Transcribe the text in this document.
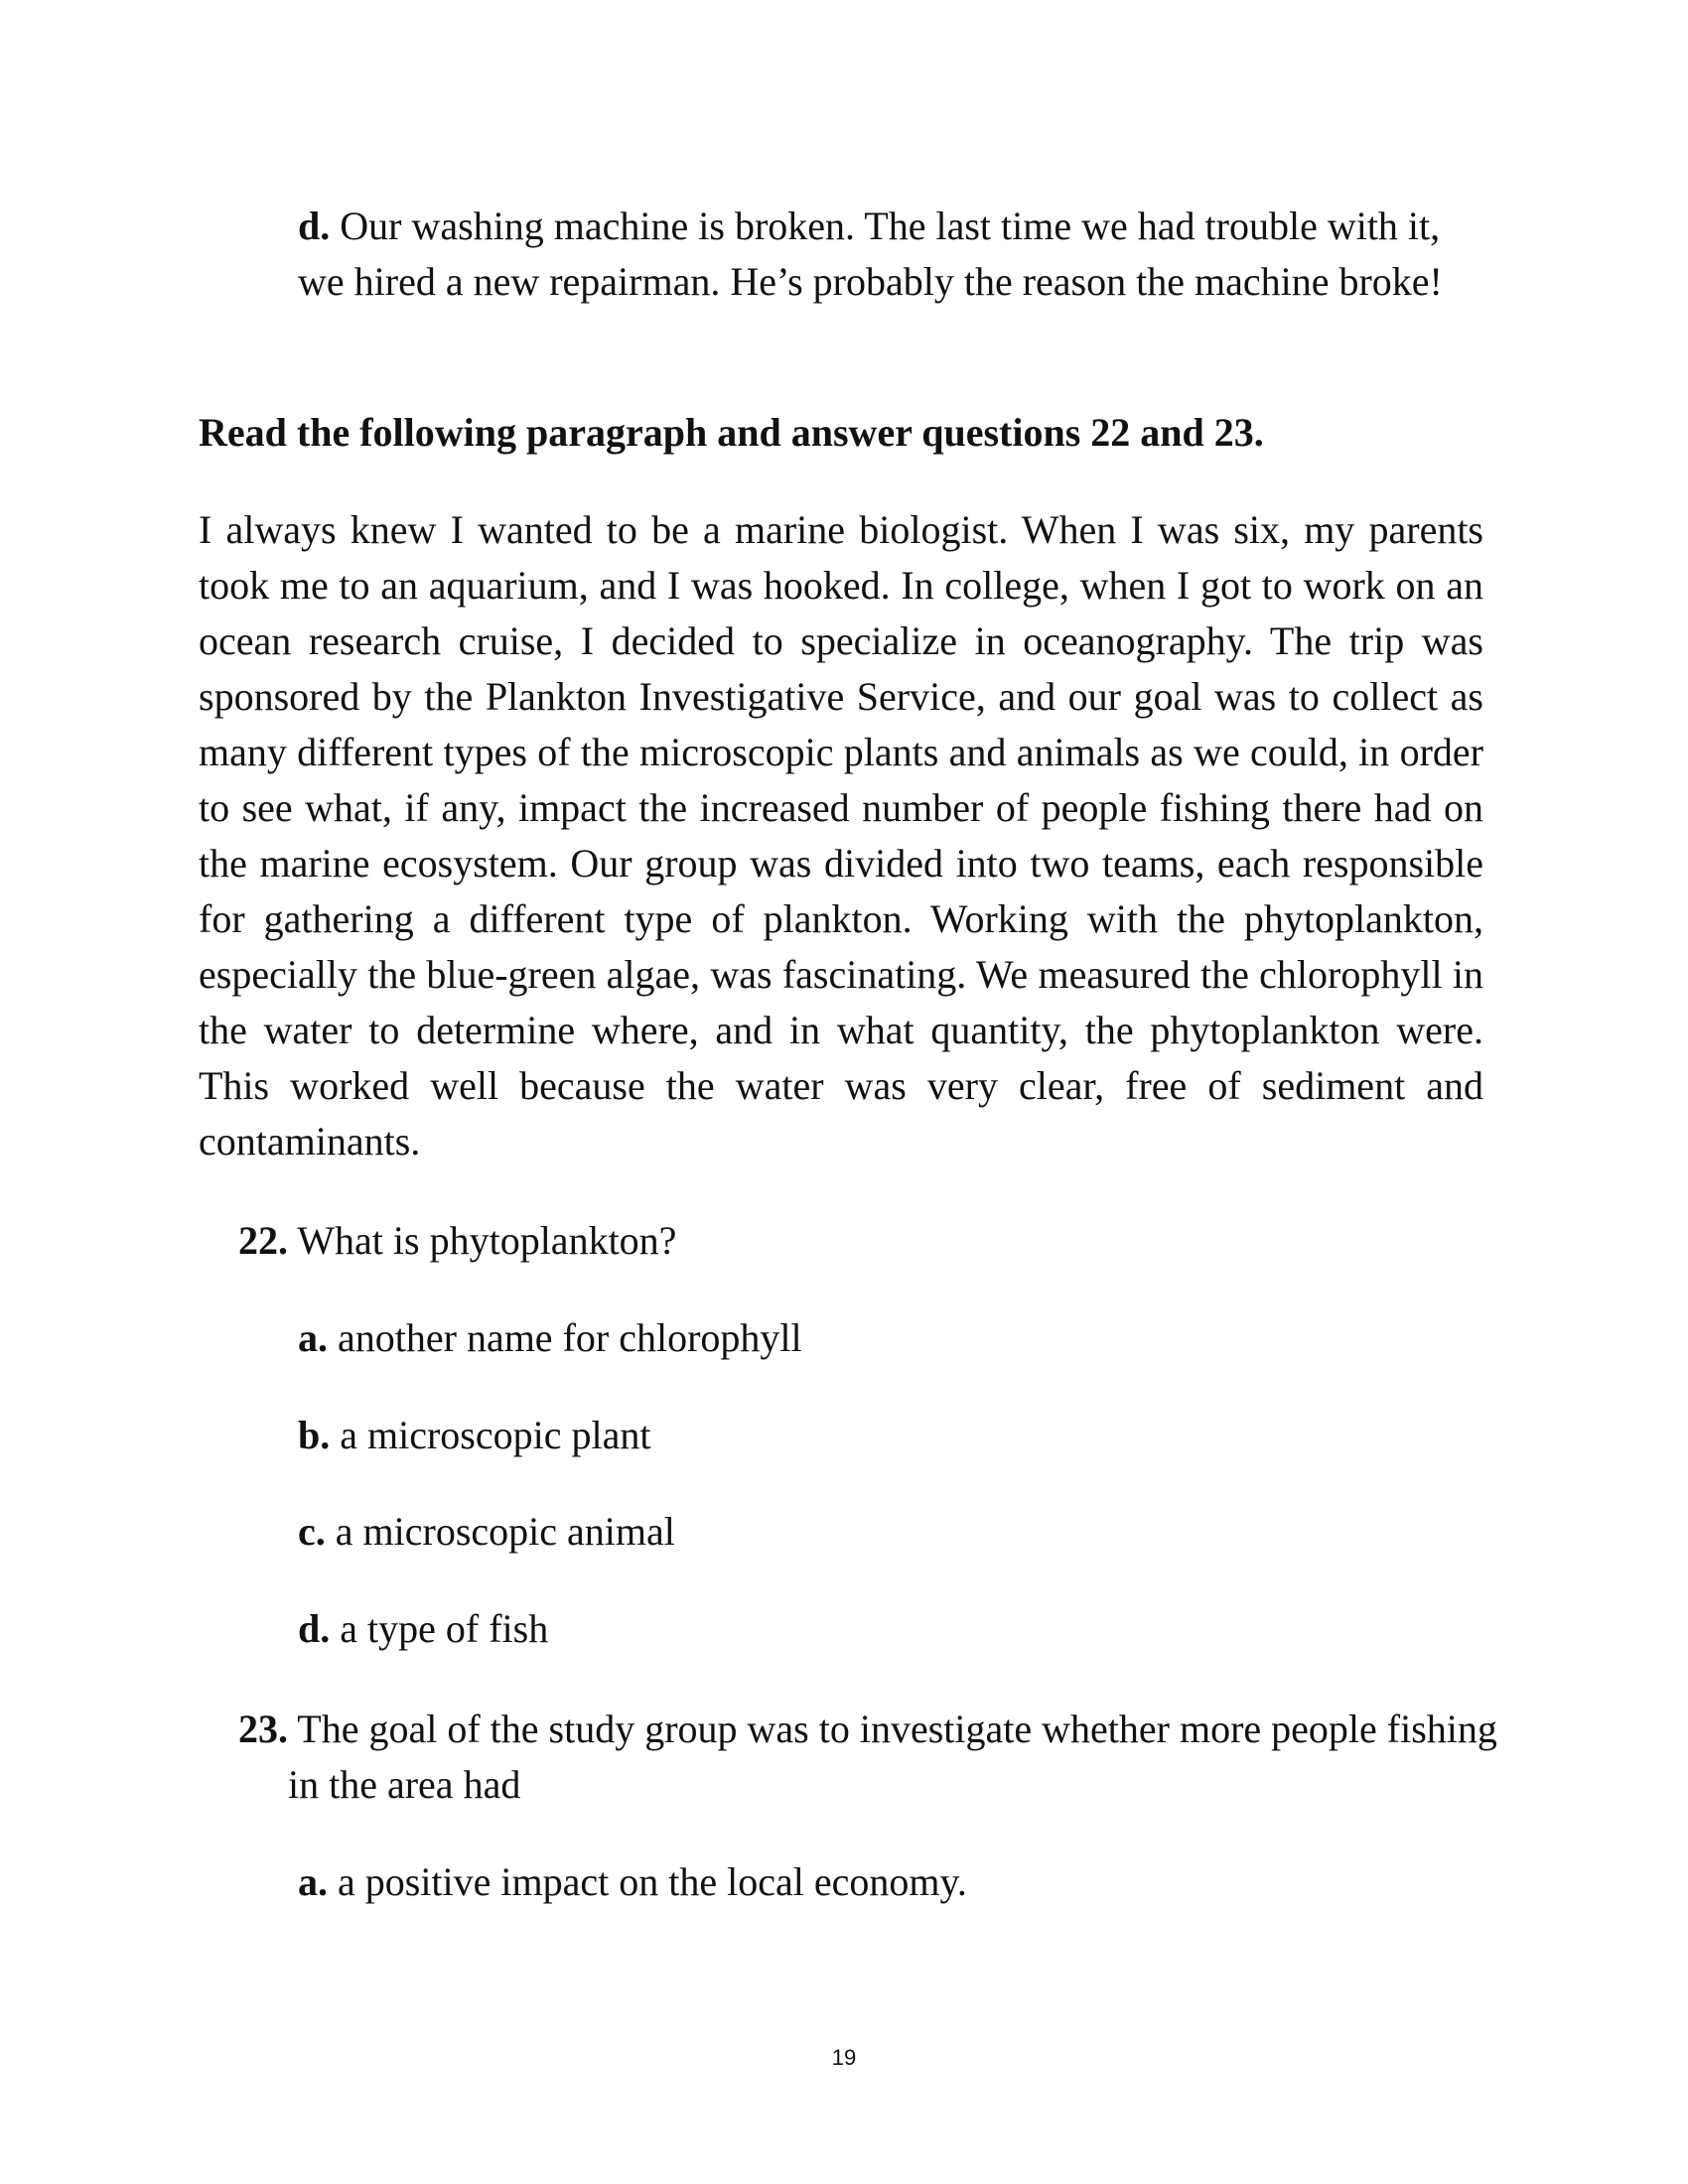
d. Our washing machine is broken. The last time we had trouble with it, we hired a new repairman. He’s probably the reason the machine broke!
Read the following paragraph and answer questions 22 and 23.
I always knew I wanted to be a marine biologist. When I was six, my parents took me to an aquarium, and I was hooked. In college, when I got to work on an ocean research cruise, I decided to specialize in oceanography. The trip was sponsored by the Plankton Investigative Service, and our goal was to collect as many different types of the microscopic plants and animals as we could, in order to see what, if any, impact the increased number of people fishing there had on the marine ecosystem. Our group was divided into two teams, each responsible for gathering a different type of plankton. Working with the phytoplankton, especially the blue-green algae, was fascinating. We measured the chlorophyll in the water to determine where, and in what quantity, the phytoplankton were. This worked well because the water was very clear, free of sediment and contaminants.
22. What is phytoplankton?
a. another name for chlorophyll
b. a microscopic plant
c. a microscopic animal
d. a type of fish
23. The goal of the study group was to investigate whether more people fishing in the area had
a. a positive impact on the local economy.
19
